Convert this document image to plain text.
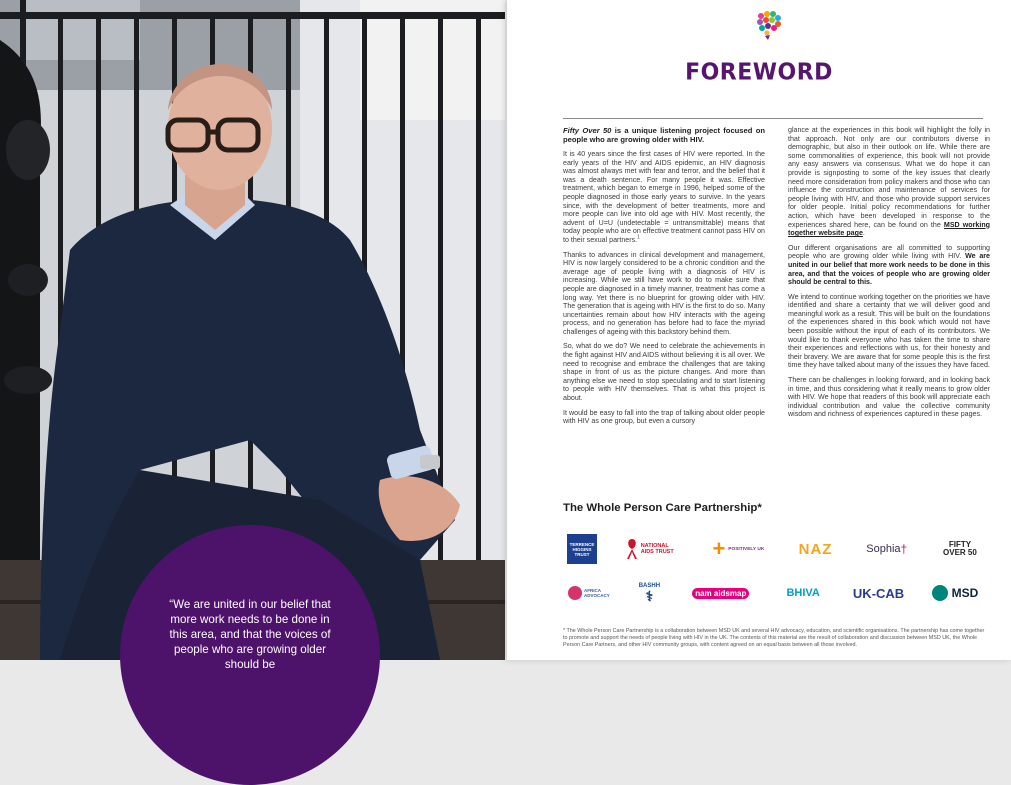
“We are united in our belief that more work needs to be done in this area, and that the voices of people who are growing older should be
FOREWORD

Fifty Over 50 is a unique listening project focused on people who are growing older with HIV.

It is 40 years since the first cases of HIV were reported. In the early years of the HIV and AIDS epidemic, an HIV diagnosis was almost always met with fear and terror, and the belief that it was a death sentence. For many people it was. Effective treatment, which began to emerge in 1996, helped some of the people diagnosed in those early years to survive. In the years since, with the development of better treatments, more and more people can live into old age with HIV. Most recently, the advent of U=U (undetectable = untransmittable) means that today people who are on effective treatment cannot pass HIV on to their sexual partners.$^1$

Thanks to advances in clinical development and management, HIV is now largely considered to be a chronic condition and the average age of people living with a diagnosis of HIV is increasing. While we still have work to do to make sure that people are diagnosed in a timely manner, treatment has come a long way. Yet there is no blueprint for growing older with HIV. The generation that is ageing with HIV is the first to do so. Many uncertainties remain about how HIV interacts with the ageing process, and no generation has before had to face the myriad challenges of ageing with this backstory behind them.

So, what do we do? We need to celebrate the achievements in the fight against HIV and AIDS without believing it is all over. We need to recognise and embrace the challenges that are taking shape in front of us as the picture changes. And more than anything else we need to stop speculating and to start listening to people with HIV themselves. That is what this project is about.

It would be easy to fall into the trap of talking about older people with HIV as one group, but even a cursory

glance at the experiences in this book will highlight the folly in that approach. Not only are our contributors diverse in demographic, but also in their outlook on life. While there are some commonalities of experience, this book will not provide any easy answers via consensus. What we do hope it can provide is signposting to some of the key issues that clearly need more consideration from policy makers and those who can influence the construction and maintenance of services for people living with HIV, and those who provide support services for older people. Initial policy recommendations for further action, which have been developed in response to the experiences shared here, can be found on the MSD working together website page.

Our different organisations are all committed to supporting people who are growing older while living with HIV. We are united in our belief that more work needs to be done in this area, and that the voices of people who are growing older should be central to this.

We intend to continue working together on the priorities we have identified and share a certainty that we will deliver good and meaningful work as a result. This will be built on the foundations of the experiences shared in this book which would not have been possible without the input of each of its contributors. We would like to thank everyone who has taken the time to share their experiences and reflections with us, for their honesty and their bravery. We are aware that for some people this is the first time they have talked about many of the issues they have faced.

There can be challenges in looking forward, and in looking back in time, and thus considering what it really means to grow older with HIV. We hope that readers of this book will appreciate each individual contribution and value the collective community wisdom and richness of experiences captured in these pages.

The Whole Person Care Partnership*
TERRENCE HIGGINS TRUST
NATIONAL AIDS TRUST + POSITIVELY UK NAZ	Sophia †	FIFTY OVER 50
AFRICA ADVOCACY
BASHH
⚕	nam aidsmap	BHIVA	UK-CAB	MSD
* The Whole Person Care Partnership is a collaboration between MSD UK and several HIV advocacy, education, and scientific organisations. The partnership has come together to promote and support the needs of people living with HIV in the UK. The contents of this material are the result of collaboration and discussion between MSD UK, the Whole Person Care Partners, and other HIV community groups, with content agreed on an equal basis between all those involved.
